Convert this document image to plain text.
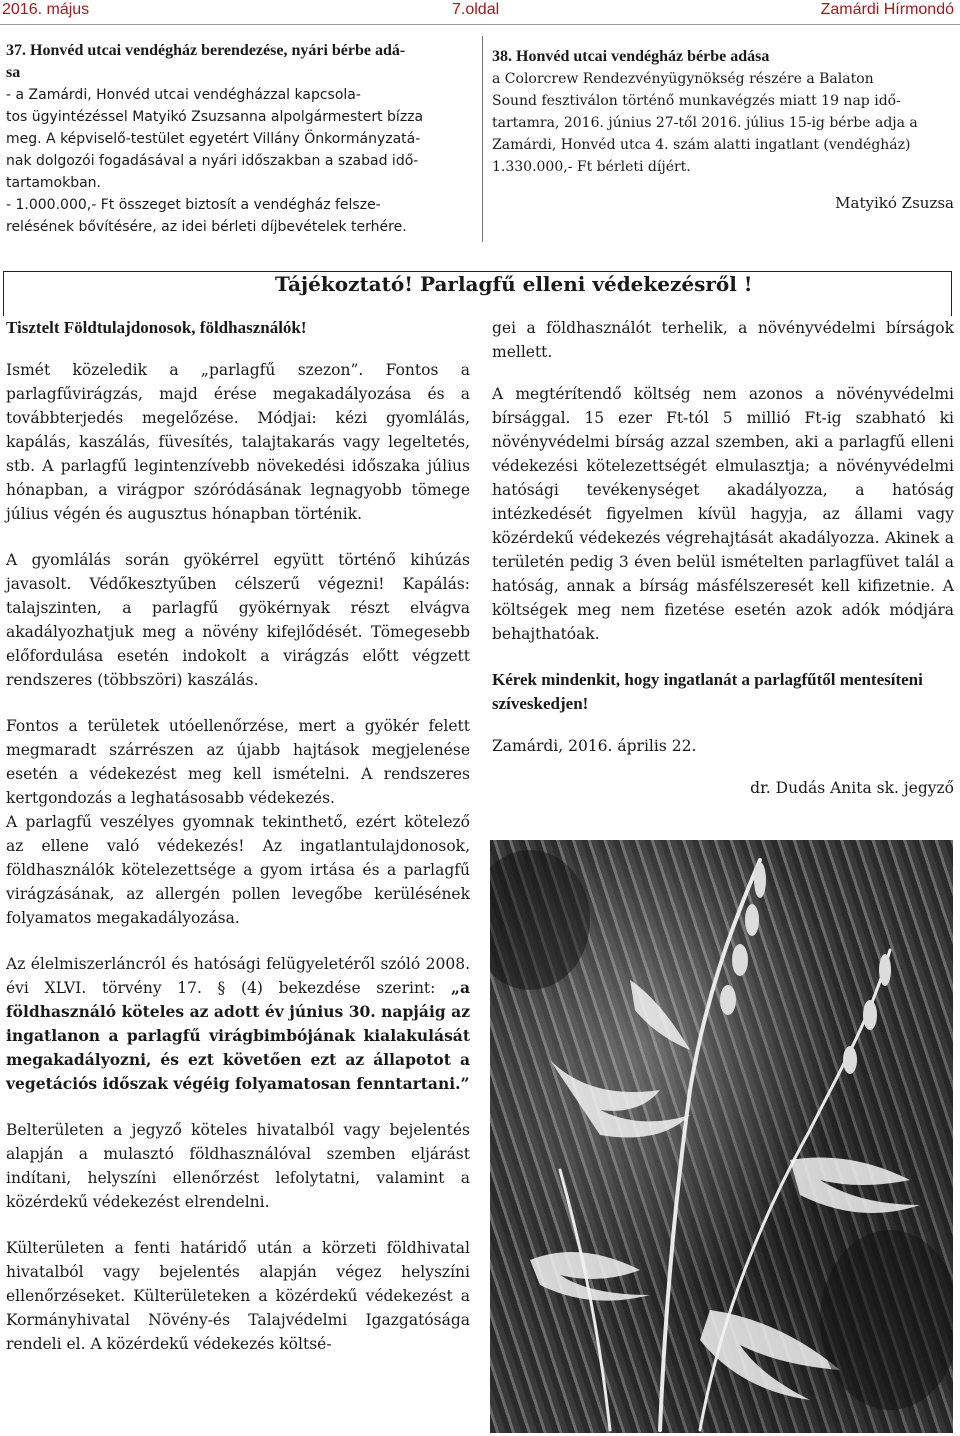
2016. május	7.oldal	Zamárdi Hírmondó

37. Honvéd utcai vendégház berendezése, nyári bérbe adá-
sa

- a Zamárdi, Honvéd utcai vendégházzal kapcsola-

tos ügyintézéssel Matyikó Zsuzsanna alpolgármestert bízza

meg. A képviselő-testület egyetért Villány Önkormányzatá-

nak dolgozói fogadásával a nyári időszakban a szabad idő-

tartamokban.

- 1.000.000,- Ft összeget biztosít a vendégház felsze-

relésének bővítésére, az idei bérleti díjbevételek terhére.

38. Honvéd utcai vendégház bérbe adása

a Colorcrew Rendezvényügynökség részére a Balaton

Sound fesztiválon történő munkavégzés miatt 19 nap idő-

tartamra, 2016. június 27-től 2016. július 15-ig bérbe adja a

Zamárdi, Honvéd utca 4. szám alatti ingatlant (vendégház)

1.330.000,- Ft bérleti díjért.

Matyikó Zsuzsa

Tájékoztató! Parlagfű elleni védekezésről !

Tisztelt Földtulajdonosok, földhasználók!

Ismét közeledik a „parlagfű szezon”. Fontos a parlagfűvirágzás, majd érése megakadályozása és a továbbterjedés megelőzése. Módjai: kézi gyomlálás, kapálás, kaszálás, füvesítés, talajtakarás vagy legeltetés, stb. A parlagfű legintenzívebb növekedési időszaka július hónapban, a virágpor szóródásának legnagyobb tömege július végén és augusztus hónapban történik.

A gyomlálás során gyökérrel együtt történő kihúzás javasolt. Védőkesztyűben célszerű végezni! Kapálás: talajszinten, a parlagfű gyökérnyak részt elvágva akadályozhatjuk meg a növény kifejlődését. Tömegesebb előfordulása esetén indokolt a virágzás előtt végzett rendszeres (többszöri) kaszálás.

Fontos a területek utóellenőrzése, mert a gyökér felett megmaradt szárrészen az újabb hajtások megjelenése esetén a védekezést meg kell ismételni. A rendszeres kertgondozás a leghatásosabb védekezés.

A parlagfű veszélyes gyomnak tekinthető, ezért kötelező az ellene való védekezés! Az ingatlantulajdonosok, földhasználók kötelezettsége a gyom irtása és a parlagfű virágzásának, az allergén pollen levegőbe kerülésének folyamatos megakadályozása.

Az élelmiszerláncról és hatósági felügyeletéről szóló 2008. évi XLVI. törvény 17. § (4) bekezdése szerint: „a földhasználó köteles az adott év június 30. napjáig az ingatlanon a parlagfű virágbimbójának kialakulását megakadályozni, és ezt követően ezt az állapotot a vegetációs időszak végéig folyamatosan fenntartani.”

Belterületen a jegyző köteles hivatalból vagy bejelentés alapján a mulasztó földhasználóval szemben eljárást indítani, helyszíni ellenőrzést lefolytatni, valamint a közérdekű védekezést elrendelni.

Külterületen a fenti határidő után a körzeti földhivatal hivatalból vagy bejelentés alapján végez helyszíni ellenőrzéseket. Külterületeken a közérdekű védekezést a Kormányhivatal Növény-és Talajvédelmi Igazgatósága rendeli el. A közérdekű védekezés költsé-

gei a földhasználót terhelik, a növényvédelmi bírságok mellett.

A megtérítendő költség nem azonos a növényvédelmi bírsággal. 15 ezer Ft-tól 5 millió Ft-ig szabható ki növényvédelmi bírság azzal szemben, aki a parlagfű elleni védekezési kötelezettségét elmulasztja; a növényvédelmi hatósági tevékenységet akadályozza, a hatóság intézkedését figyelmen kívül hagyja, az állami vagy közérdekű védekezés végrehajtását akadályozza. Akinek a területén pedig 3 éven belül ismételten parlagfüvet talál a hatóság, annak a bírság másfélszeresét kell kifizetnie. A költségek meg nem fizetése esetén azok adók módjára behajthatóak.

Kérek mindenkit, hogy ingatlanát a parlagfűtől mentesíteni szíveskedjen!

Zamárdi, 2016. április 22.

dr. Dudás Anita sk. jegyző
